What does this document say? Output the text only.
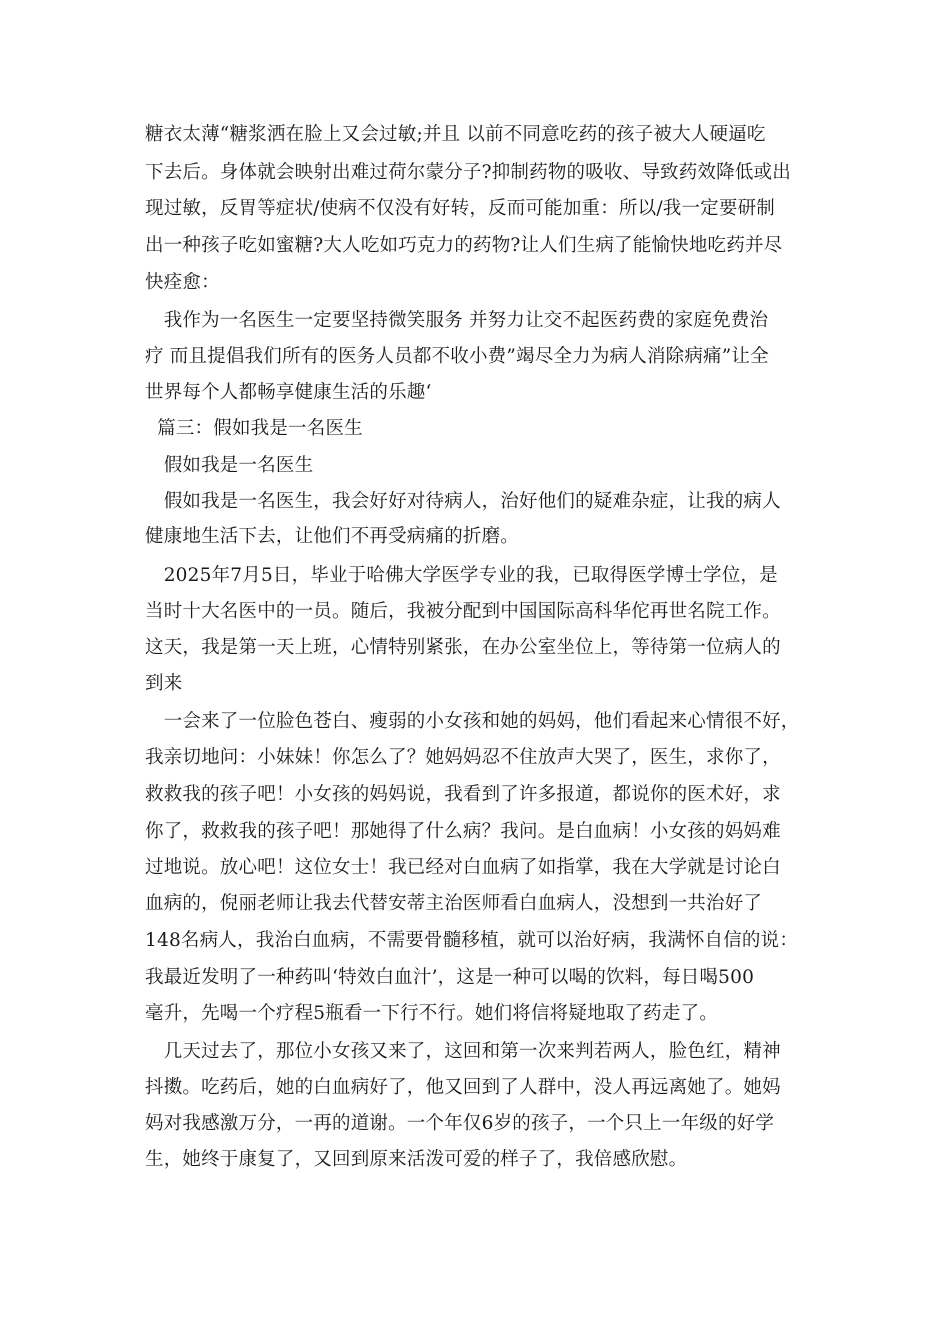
糖衣太薄“糖浆洒在脸上又会过敏;并且 以前不同意吃药的孩子被大人硬逼吃
下去后。身体就会映射出难过荷尔蒙分子?抑制药物的吸收、导致药效降低或出
现过敏，反胃等症状/使病不仅没有好转，反而可能加重：所以/我一定要研制
出一种孩子吃如蜜糖?大人吃如巧克力的药物?让人们生病了能愉快地吃药并尽
快痊愈：
　我作为一名医生一定要坚持微笑服务 并努力让交不起医药费的家庭免费治
疗 而且提倡我们所有的医务人员都不收小费”竭尽全力为病人消除病痛”让全
世界每个人都畅享健康生活的乐趣‘
篇三：假如我是一名医生
　假如我是一名医生
　假如我是一名医生，我会好好对待病人，治好他们的疑难杂症，让我的病人
健康地生活下去，让他们不再受病痛的折磨。
　2025年7月5日，毕业于哈佛大学医学专业的我，已取得医学博士学位，是
当时十大名医中的一员。随后，我被分配到中国国际高科华佗再世名院工作。
这天，我是第一天上班，心情特别紧张，在办公室坐位上，等待第一位病人的
到来
　一会来了一位脸色苍白、瘦弱的小女孩和她的妈妈，他们看起来心情很不好，
我亲切地问：小妹妹！你怎么了？她妈妈忍不住放声大哭了，医生，求你了，
救救我的孩子吧！小女孩的妈妈说，我看到了许多报道，都说你的医术好，求
你了，救救我的孩子吧！那她得了什么病？我问。是白血病！小女孩的妈妈难
过地说。放心吧！这位女士！我已经对白血病了如指掌，我在大学就是讨论白
血病的，倪丽老师让我去代替安蒂主治医师看白血病人，没想到一共治好了
148名病人，我治白血病，不需要骨髓移植，就可以治好病，我满怀自信的说：
我最近发明了一种药叫‘特效白血汁’，这是一种可以喝的饮料，每日喝500
毫升，先喝一个疗程5瓶看一下行不行。她们将信将疑地取了药走了。
　几天过去了，那位小女孩又来了，这回和第一次来判若两人，脸色红，精神
抖擞。吃药后，她的白血病好了，他又回到了人群中，没人再远离她了。她妈
妈对我感激万分，一再的道谢。一个年仅6岁的孩子，一个只上一年级的好学
生，她终于康复了，又回到原来活泼可爱的样子了，我倍感欣慰。
